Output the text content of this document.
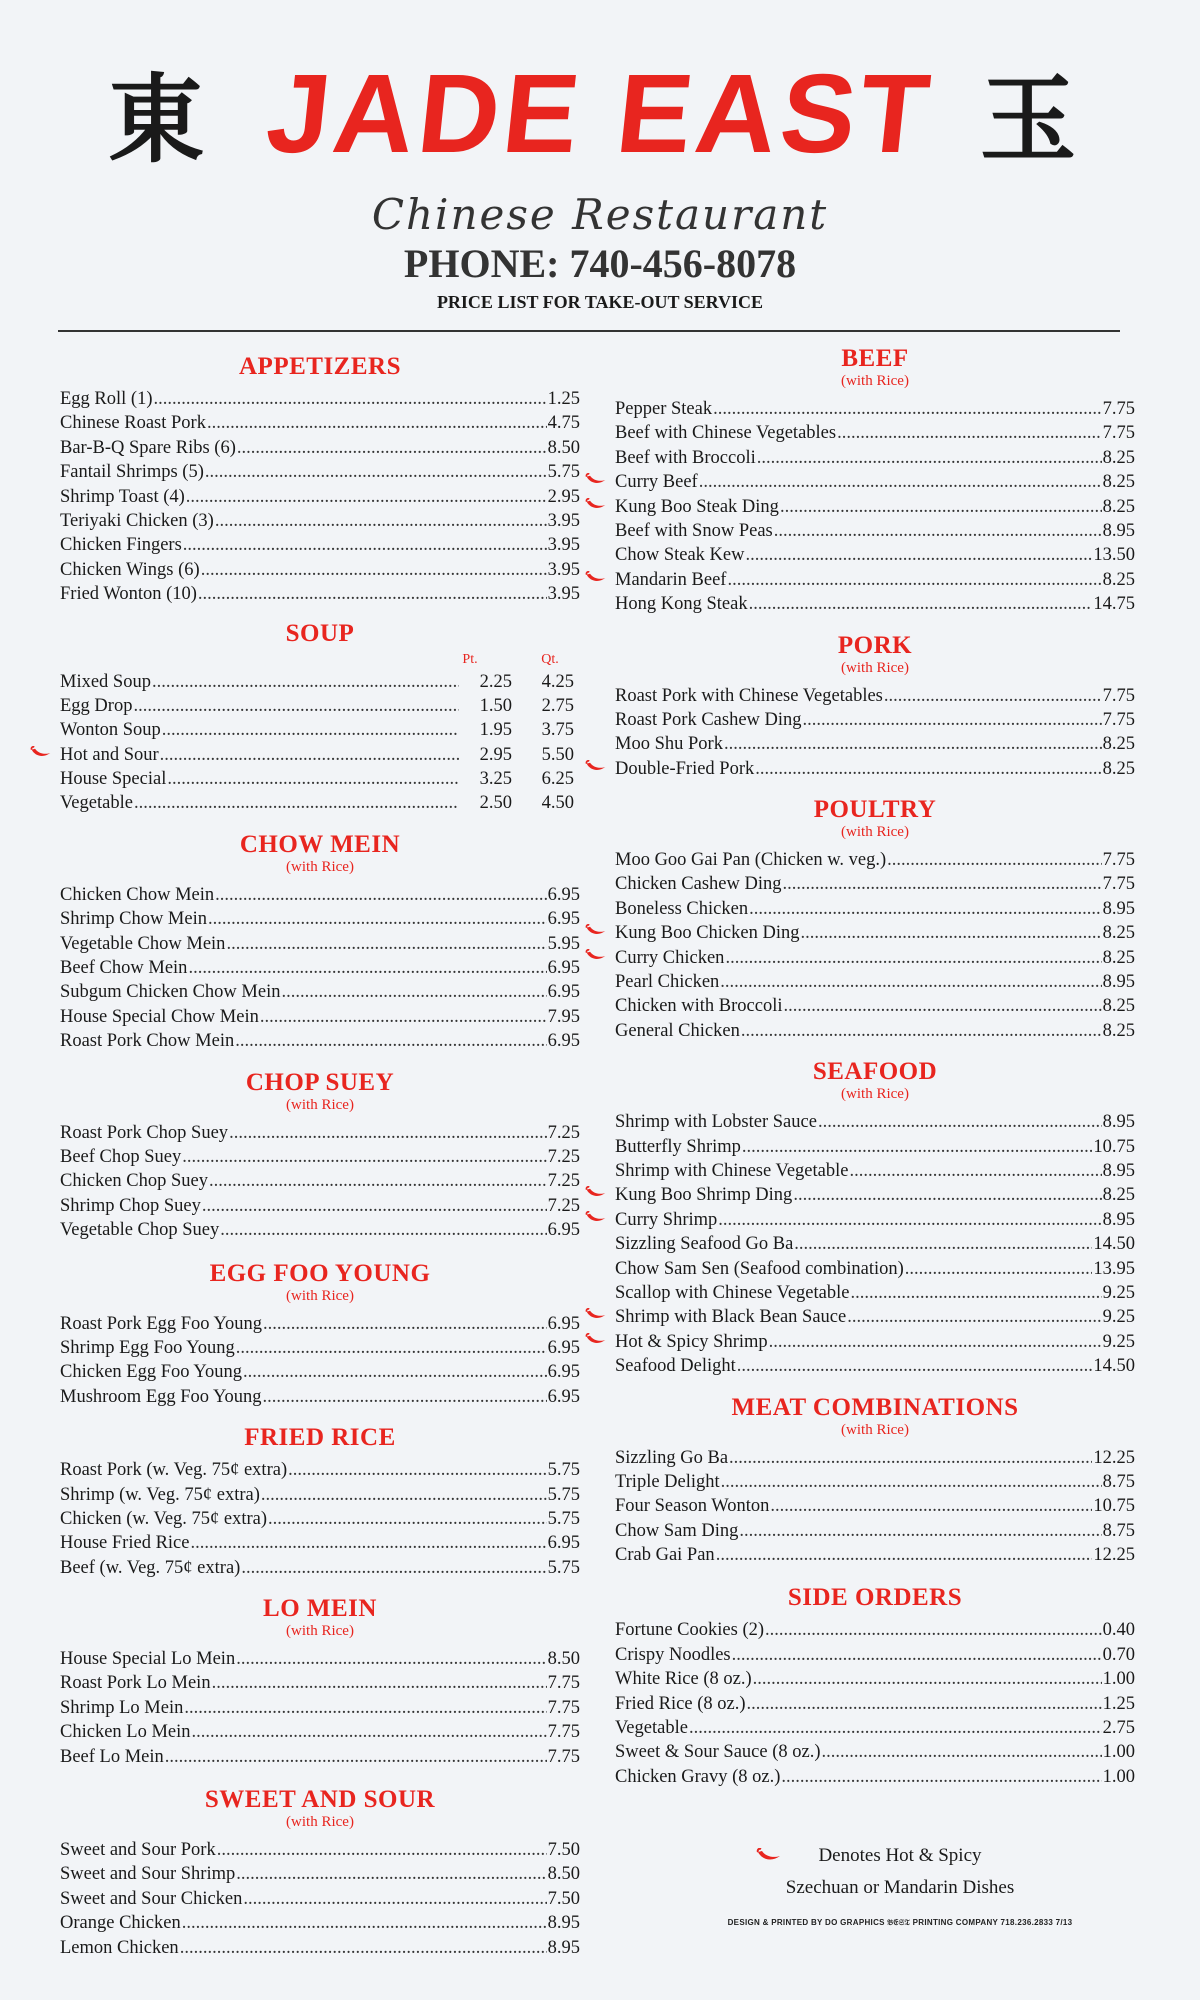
東 JADE EAST 玉
Chinese Restaurant
PHONE: 740-456-8078
PRICE LIST FOR TAKE-OUT SERVICE
APPETIZERS
Egg Roll (1) .....	1.25
Chinese Roast Pork .....	4.75
Bar-B-Q Spare Ribs (6) .....	8.50
Fantail Shrimps (5) .....	5.75
Shrimp Toast (4) .....	2.95
Teriyaki Chicken (3) .....	3.95
Chicken Fingers .....	3.95
Chicken Wings (6) .....	3.95
Fried Wonton (10) .....	3.95
SOUP
Pt.	Qt.
Mixed Soup .....	2.25	4.25
Egg Drop .....	1.50	2.75
Wonton Soup .....	1.95	3.75
Hot and Sour .....	2.95	5.50
House Special .....	3.25	6.25
Vegetable .....	2.50	4.50
CHOW MEIN
(with Rice)
Chicken Chow Mein .....	6.95
Shrimp Chow Mein .....	6.95
Vegetable Chow Mein .....	5.95
Beef Chow Mein .....	6.95
Subgum Chicken Chow Mein .....	6.95
House Special Chow Mein .....	7.95
Roast Pork Chow Mein .....	6.95
CHOP SUEY
(with Rice)
Roast Pork Chop Suey .....	7.25
Beef Chop Suey .....	7.25
Chicken Chop Suey .....	7.25
Shrimp Chop Suey .....	7.25
Vegetable Chop Suey .....	6.95
EGG FOO YOUNG
(with Rice)
Roast Pork Egg Foo Young .....	6.95
Shrimp Egg Foo Young .....	6.95
Chicken Egg Foo Young .....	6.95
Mushroom Egg Foo Young .....	6.95
FRIED RICE
Roast Pork (w. Veg. 75¢ extra) .....	5.75
Shrimp (w. Veg. 75¢ extra) .....	5.75
Chicken (w. Veg. 75¢ extra) .....	5.75
House Fried Rice .....	6.95
Beef (w. Veg. 75¢ extra) .....	5.75
LO MEIN
(with Rice)
House Special Lo Mein .....	8.50
Roast Pork Lo Mein .....	7.75
Shrimp Lo Mein .....	7.75
Chicken Lo Mein .....	7.75
Beef Lo Mein .....	7.75
SWEET AND SOUR
(with Rice)
Sweet and Sour Pork .....	7.50
Sweet and Sour Shrimp .....	8.50
Sweet and Sour Chicken .....	7.50
Orange Chicken .....	8.95
Lemon Chicken .....	8.95
BEEF
(with Rice)
Pepper Steak .....	7.75
Beef with Chinese Vegetables .....	7.75
Beef with Broccoli .....	8.25
Curry Beef .....	8.25
Kung Boo Steak Ding .....	8.25
Beef with Snow Peas .....	8.95
Chow Steak Kew .....	13.50
Mandarin Beef .....	8.25
Hong Kong Steak .....	14.75
PORK
(with Rice)
Roast Pork with Chinese Vegetables .....	7.75
Roast Pork Cashew Ding .....	7.75
Moo Shu Pork .....	8.25
Double-Fried Pork .....	8.25
POULTRY
(with Rice)
Moo Goo Gai Pan (Chicken w. veg.) .....	7.75
Chicken Cashew Ding .....	7.75
Boneless Chicken .....	8.95
Kung Boo Chicken Ding .....	8.25
Curry Chicken .....	8.25
Pearl Chicken .....	8.95
Chicken with Broccoli .....	8.25
General Chicken .....	8.25
SEAFOOD
(with Rice)
Shrimp with Lobster Sauce .....	8.95
Butterfly Shrimp .....	10.75
Shrimp with Chinese Vegetable .....	8.95
Kung Boo Shrimp Ding .....	8.25
Curry Shrimp .....	8.95
Sizzling Seafood Go Ba .....	14.50
Chow Sam Sen (Seafood combination) .....	13.95
Scallop with Chinese Vegetable .....	9.25
Shrimp with Black Bean Sauce .....	9.25
Hot & Spicy Shrimp .....	9.25
Seafood Delight .....	14.50
MEAT COMBINATIONS
(with Rice)
Sizzling Go Ba .....	12.25
Triple Delight .....	8.75
Four Season Wonton .....	10.75
Chow Sam Ding .....	8.75
Crab Gai Pan .....	12.25
SIDE ORDERS
Fortune Cookies (2) .....	0.40
Crispy Noodles .....	0.70
White Rice (8 oz.) .....	1.00
Fried Rice (8 oz.) .....	1.25
Vegetable .....	2.75
Sweet & Sour Sauce (8 oz.) .....	1.00
Chicken Gravy (8 oz.) .....	1.00
Denotes Hot & Spicy
Szechuan or Mandarin Dishes
DESIGN & PRINTED BY DO GRAPHICS 𝔅𝔈𝔖𝔗 PRINTING COMPANY 718.236.2833 7/13
